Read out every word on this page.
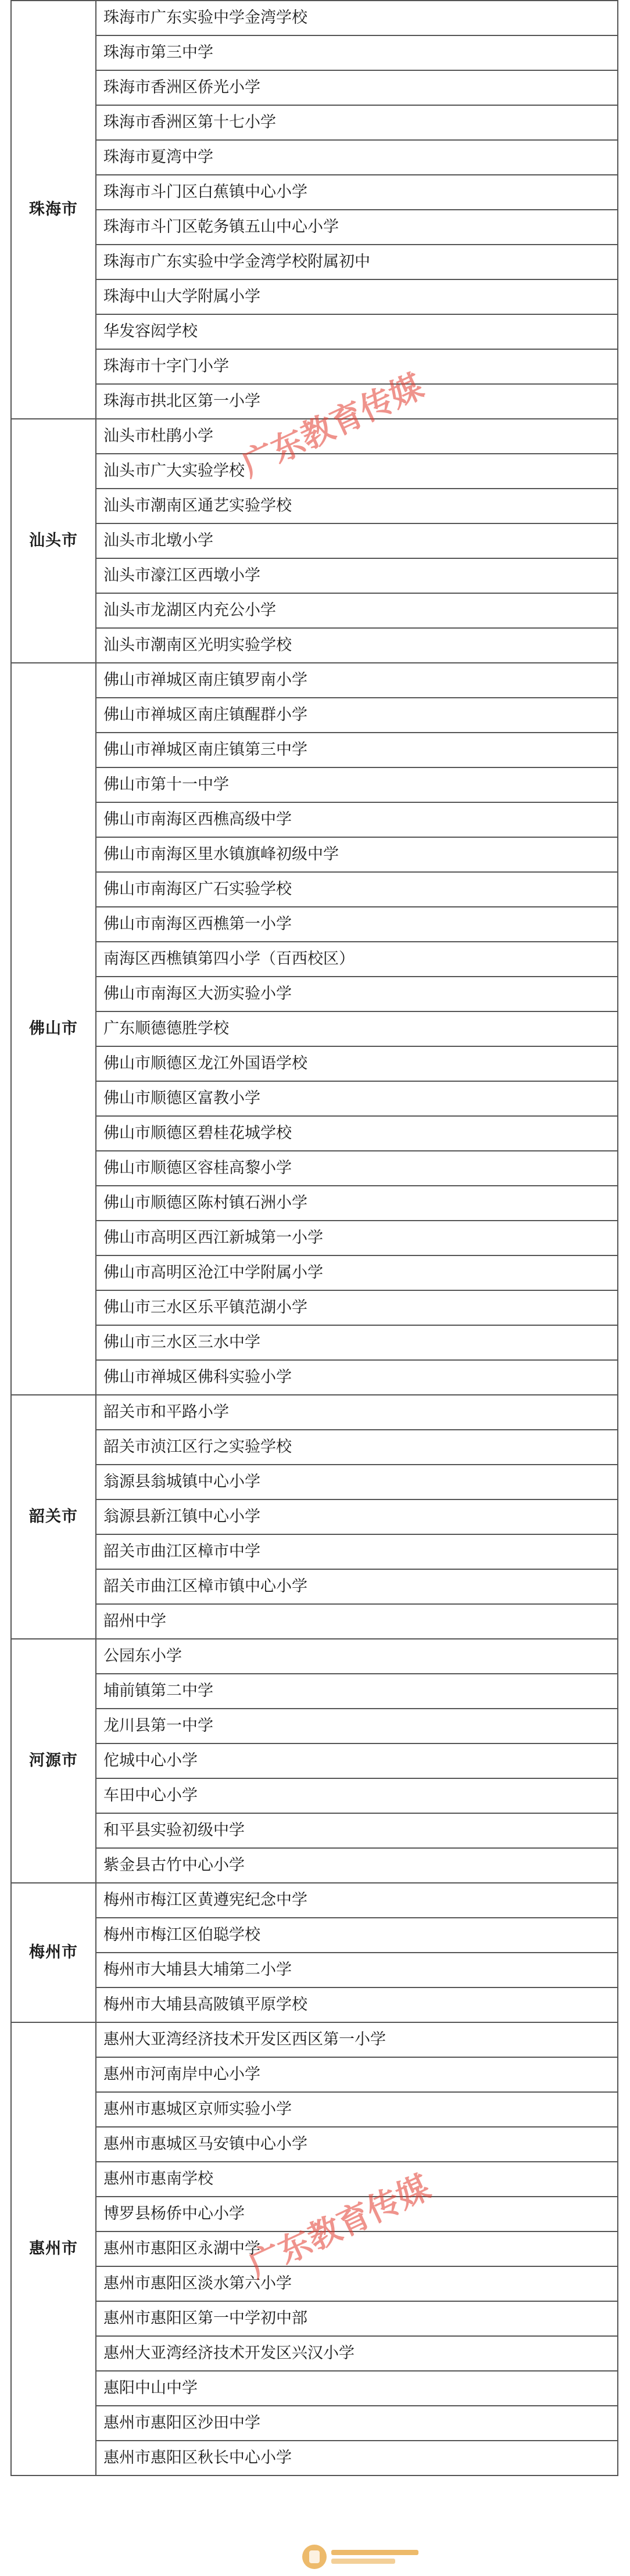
珠海市	珠海市广东实验中学金湾学校
	珠海市第三中学
	珠海市香洲区侨光小学
	珠海市香洲区第十七小学
	珠海市夏湾中学
	珠海市斗门区白蕉镇中心小学
	珠海市斗门区乾务镇五山中心小学
	珠海市广东实验中学金湾学校附属初中
	珠海中山大学附属小学
	华发容闳学校
	珠海市十字门小学
	珠海市拱北区第一小学
汕头市	汕头市杜鹃小学
	汕头市广大实验学校
	汕头市潮南区通艺实验学校
	汕头市北墩小学
	汕头市濠江区西墩小学
	汕头市龙湖区内充公小学
	汕头市潮南区光明实验学校
佛山市	佛山市禅城区南庄镇罗南小学
	佛山市禅城区南庄镇醒群小学
	佛山市禅城区南庄镇第三中学
	佛山市第十一中学
	佛山市南海区西樵高级中学
	佛山市南海区里水镇旗峰初级中学
	佛山市南海区广石实验学校
	佛山市南海区西樵第一小学
	南海区西樵镇第四小学（百西校区）
	佛山市南海区大沥实验小学
	广东顺德德胜学校
	佛山市顺德区龙江外国语学校
	佛山市顺德区富教小学
	佛山市顺德区碧桂花城学校
	佛山市顺德区容桂高黎小学
	佛山市顺德区陈村镇石洲小学
	佛山市高明区西江新城第一小学
	佛山市高明区沧江中学附属小学
	佛山市三水区乐平镇范湖小学
	佛山市三水区三水中学
	佛山市禅城区佛科实验小学
韶关市	韶关市和平路小学
	韶关市浈江区行之实验学校
	翁源县翁城镇中心小学
	翁源县新江镇中心小学
	韶关市曲江区樟市中学
	韶关市曲江区樟市镇中心小学
	韶州中学
河源市	公园东小学
	埔前镇第二中学
	龙川县第一中学
	佗城中心小学
	车田中心小学
	和平县实验初级中学
	紫金县古竹中心小学
梅州市	梅州市梅江区黄遵宪纪念中学
	梅州市梅江区伯聪学校
	梅州市大埔县大埔第二小学
	梅州市大埔县高陂镇平原学校
惠州市	惠州大亚湾经济技术开发区西区第一小学
	惠州市河南岸中心小学
	惠州市惠城区京师实验小学
	惠州市惠城区马安镇中心小学
	惠州市惠南学校
	博罗县杨侨中心小学
	惠州市惠阳区永湖中学
	惠州市惠阳区淡水第六小学
	惠州市惠阳区第一中学初中部
	惠州大亚湾经济技术开发区兴汉小学
	惠阳中山中学
	惠州市惠阳区沙田中学
	惠州市惠阳区秋长中心小学
广东教育传媒
广东教育传媒
